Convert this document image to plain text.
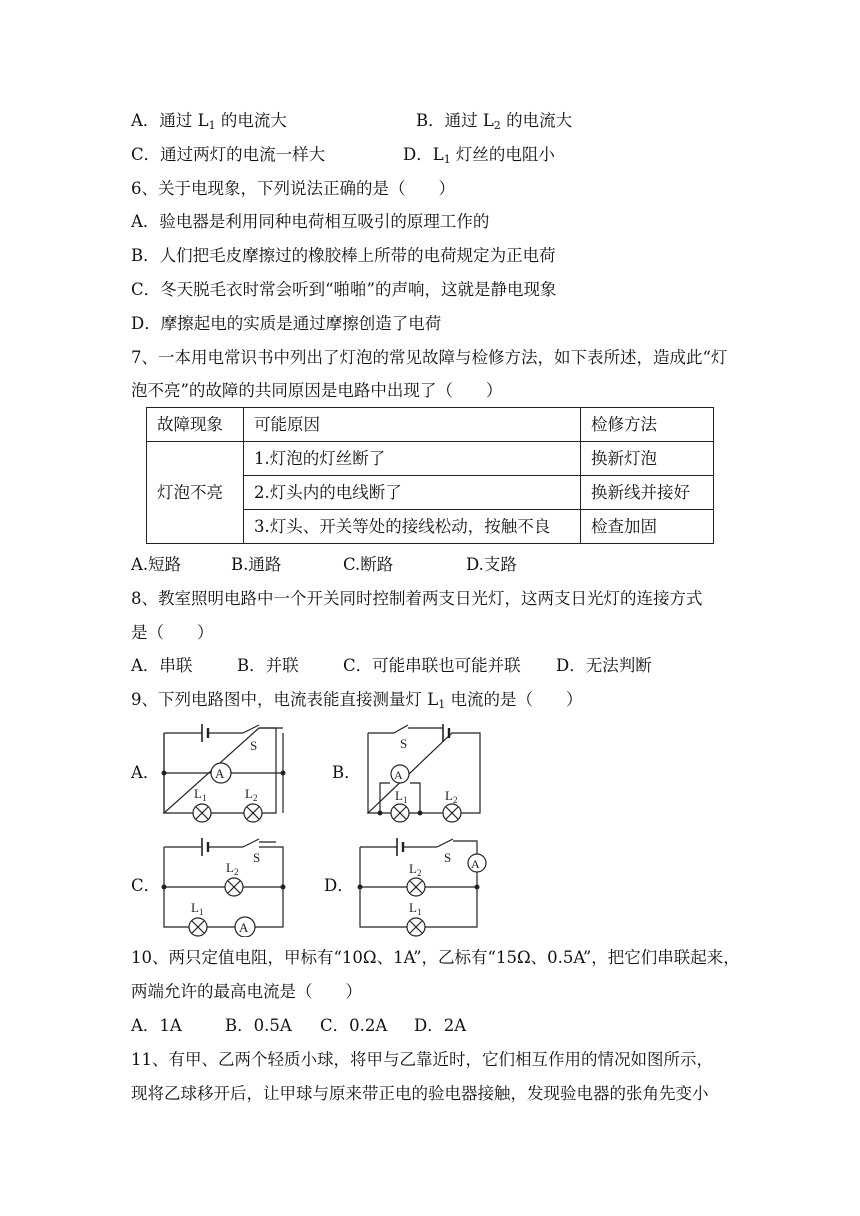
A．通过 $L_1$ 的电流大	B．通过 $L_2$ 的电流大
C．通过两灯的电流一样大	D．$L_1$ 灯丝的电阻小
6、关于电现象，下列说法正确的是（　　）
A．验电器是利用同种电荷相互吸引的原理工作的
B．人们把毛皮摩擦过的橡胶棒上所带的电荷规定为正电荷
C．冬天脱毛衣时常会听到“啪啪”的声响，这就是静电现象
D．摩擦起电的实质是通过摩擦创造了电荷
7、一本用电常识书中列出了灯泡的常见故障与检修方法，如下表所述，造成此“灯
泡不亮”的故障的共同原因是电路中出现了（　　）
故障现象	可能原因	检修方法
灯泡不亮	1.灯泡的灯丝断了	换新灯泡
	2.灯头内的电线断了	换新线并接好
	3.灯头、开关等处的接线松动，按触不良	检查加固
A.短路	B.通路	C.断路	D.支路
8、教室照明电路中一个开关同时控制着两支日光灯，这两支日光灯的连接方式
是（　　）
A．串联	B．并联	C．可能串联也可能并联 D．无法判断
9、下列电路图中，电流表能直接测量灯 $L_1$ 电流的是（　　）
A．	B．
C．	D．
A
S
$L_1$	$L_2$
A
S
$L_1$	$L_2$
A
S
$L_2$
$L_1$
A
S
$L_2$
$L_1$
10、两只定值电阻，甲标有“10Ω、1A”，乙标有“15Ω、0.5A”，把它们串联起来，
两端允许的最高电流是（　　）
A．1A	B．0.5A C．0.2A D．2A
11、有甲、乙两个轻质小球，将甲与乙靠近时，它们相互作用的情况如图所示，
现将乙球移开后，让甲球与原来带正电的验电器接触，发现验电器的张角先变小
